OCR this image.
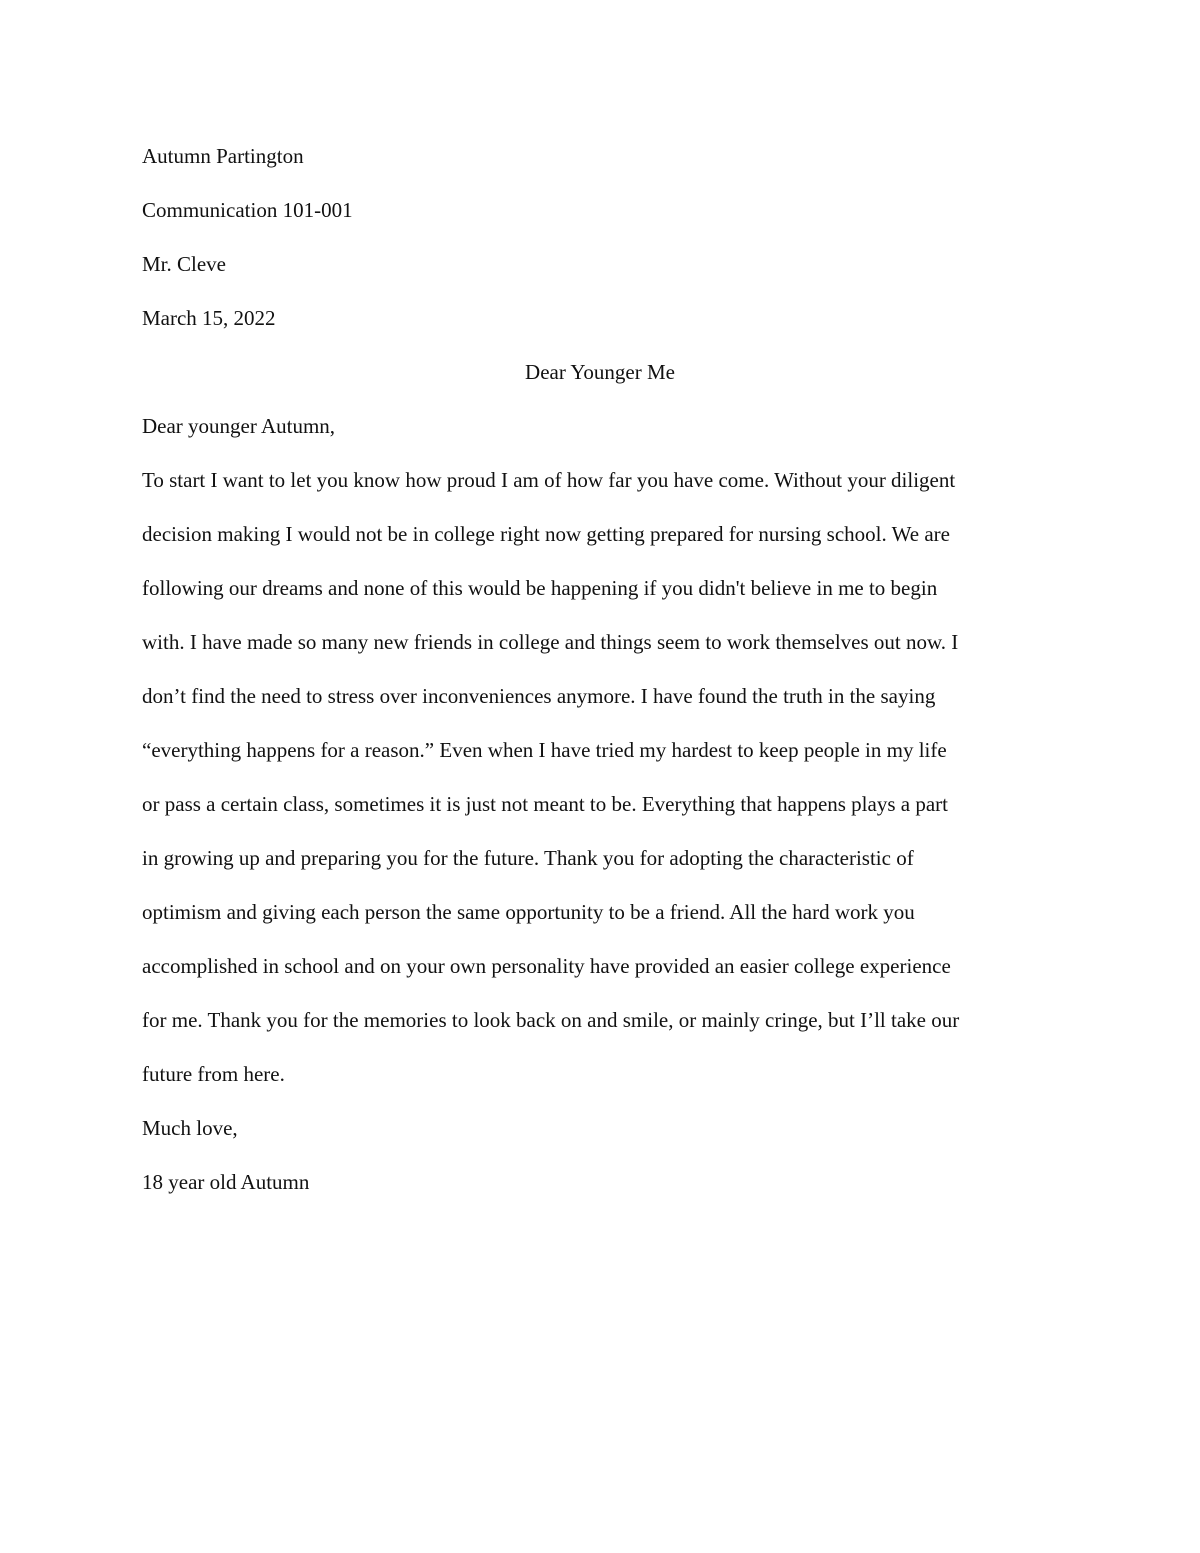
Autumn Partington
Communication 101-001
Mr. Cleve
March 15, 2022
Dear Younger Me
Dear younger Autumn,
To start I want to let you know how proud I am of how far you have come. Without your diligent
decision making I would not be in college right now getting prepared for nursing school. We are
following our dreams and none of this would be happening if you didn't believe in me to begin
with. I have made so many new friends in college and things seem to work themselves out now. I
don’t find the need to stress over inconveniences anymore. I have found the truth in the saying
“everything happens for a reason.” Even when I have tried my hardest to keep people in my life
or pass a certain class, sometimes it is just not meant to be. Everything that happens plays a part
in growing up and preparing you for the future. Thank you for adopting the characteristic of
optimism and giving each person the same opportunity to be a friend. All the hard work you
accomplished in school and on your own personality have provided an easier college experience
for me. Thank you for the memories to look back on and smile, or mainly cringe, but I’ll take our
future from here.
Much love,
18 year old Autumn
